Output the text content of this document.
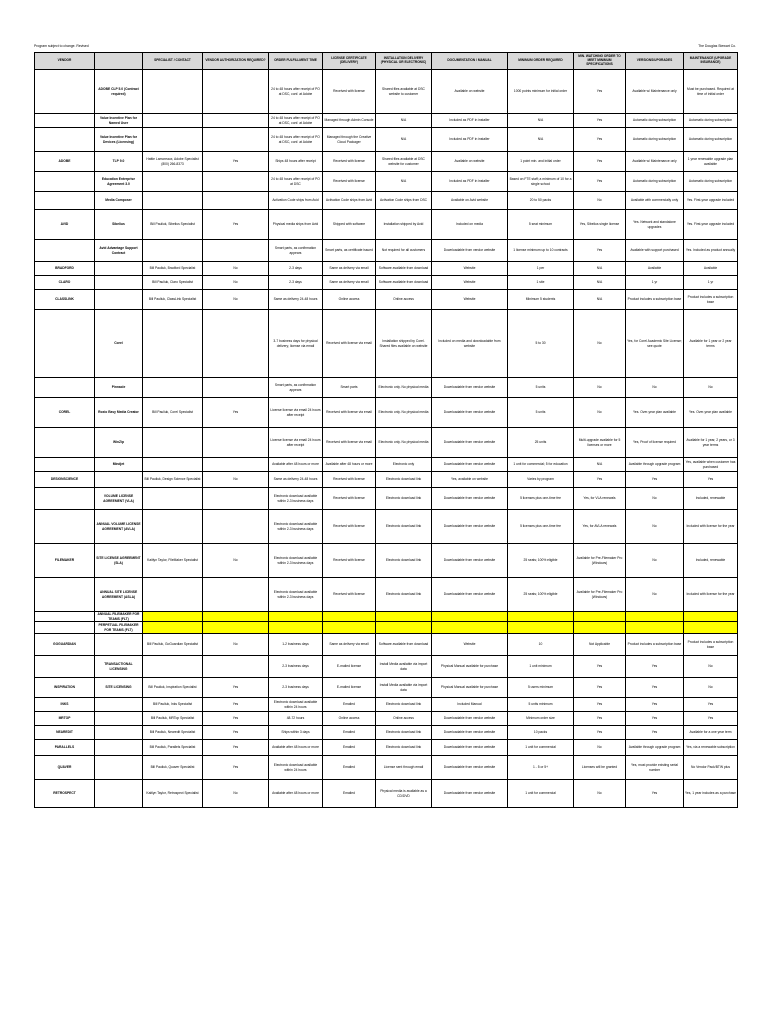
Program subject to change. Revised	The Douglas Stewart Co.
VENDOR		SPECIALIST / CONTACT	VENDOR AUTHORIZATION REQUIRED?	ORDER FULFILLMENT TIME	LICENSE CERTIFICATE (DELIVERY)	INSTALLATION DELIVERY (PHYSICAL OR ELECTRONIC)	DOCUMENTATION / MANUAL	MINIMUM ORDER REQUIRED	MIN. WATCHING ORDER TO MEET MINIMUM SPECIFICATIONS	VERSIONS/UPGRADES	MAINTENANCE (UPGRADE INSURANCE)
	ADOBE CLP 5.0 (Contract required)			24 to 48 hours after receipt of PO at DSC, conf. at Adobe	Received with license	Shared files available at DSC website to customer	Available on website	1000 points minimum for initial order	Yes	Available w/ Maintenance only	Must be purchased. Required at time of initial order
	Value Incentive Plan for Named User			24 to 48 hours after receipt of PO at DSC, conf. at Adobe	Managed through Admin Console	N/A	Included as PDF in installer	N/A	Yes	Automatic during subscription	Automatic during subscription
	Value Incentive Plan for Devices (Licensing)			24 to 48 hours after receipt of PO at DSC, conf. at Adobe	Managed through the Creative Cloud Packager	N/A	Included as PDF in installer	N/A	Yes	Automatic during subscription	Automatic during subscription
ADOBE	TLP 9.0	Hattie Lamoreaux, Adobe Specialist (800) 266-8373	Yes	Ships 48 hours after receipt	Received with license	Shared files available at DSC website for customer	Available on website	1 point min. and initial order	Yes	Available w/ Maintenance only	1 year renewable upgrade plan available
	Education Enterprise Agreement 3.0			24 to 48 hours after receipt of PO at DSC	Received with license	N/A	Included as PDF in installer	Based on FTE staff; a minimum of 10 for a single school	Yes	Automatic during subscription	Automatic during subscription
	Media Composer			Activation Code ships from Avid	Activation Code ships from Avid	Activation Code ships from DSC	Available on Avid website	20 to 50 packs	No	Available with commercially only	Yes. First-year upgrade included
AVID	Sibelius	Bill Pauliuk, Sibelius Specialist	Yes	Physical media ships from Avid	Shipped with software	Installation shipped by Avid	Included on media	5 seat minimum	Yes, Sibelius single license	Yes. Network and standalone upgrades	Yes. First-year upgrade included
	Avid Advantage Support Contract			Smart parts, as confirmation appears	Smart parts, as certificate issued	Not required for all customers	Downloadable from vendor website	1 license minimum up to 10 contracts	Yes	Available with support purchased	Yes. Included as product annually
BRADFORD		Bill Pauliuk, Bradford Specialist	No	2-3 days	Same as delivery via email	Software available from download	Website	1 per	N/A	Available	Available
CLARO		Bill Pauliuk, Claro Specialist	No	2-3 days	Same as delivery via email	Software available from download	Website	1 site	N/A	1 yr	1 yr
CLASSLINK		Bill Pauliuk, ClassLink Specialist	No	Same as delivery 24-48 hours	Online access	Online access	Website	Minimum 5 students	N/A	Product includes a subscription base	Product includes a subscription base
	Corel			3-7 business days for physical delivery; license via email	Received with license via email	Installation shipped by Corel. Shared files available on website	Included on media and downloadable from website	5 to 30	No	Yes, for Corel Academic Site License; see quote	Available for 1 year or 2 year terms
	Pinnacle			Smart parts, as confirmation appears	Smart parts	Electronic only. No physical media	Downloadable from vendor website	5 units	No	No	No
COREL	Roxio Easy Media Creator	Bill Pauliuk, Corel Specialist	Yes	License license via email 24 hours after receipt	Received with license via email	Electronic only. No physical media	Downloadable from vendor website	5 units	No	Yes. Over-year plan available	Yes. Over-year plan available
	WinZip			License license via email 24 hours after receipt	Received with license via email	Electronic only. No physical media	Downloadable from vendor website	25 units	Multi-upgrade available for 5 licenses or more	Yes, Proof of license required	Available for 1 year, 2 years, or 3 year terms
	Mindjet			Available after 48 hours or more	Available after 48 hours or more	Electronic only	Downloadable from vendor website	1 unit for commercial; 5 for education	N/A	Available through upgrade program	Yes, available when customer has purchased
DESIGNSCIENCE		Bill Pauliuk, Design Science Specialist	No	Same as delivery 24-48 hours	Received with license	Electronic download link	Yes, available on website	Varies by program	Yes	Yes	Yes
	VOLUME LICENSE AGREEMENT (VLA)			Electronic download available within 2-3 business days	Received with license	Electronic download link	Downloadable from vendor website	5 licenses plus one-time fee	Yes, for VLA renewals	No	Included, renewable
	ANNUAL VOLUME LICENSE AGREEMENT (AVLA)			Electronic download available within 2-3 business days	Received with license	Electronic download link	Downloadable from vendor website	5 licenses plus one-time fee	Yes, for AVLA renewals	No	Included with license for the year
FILEMAKER	SITE LICENSE AGREEMENT (SLA)	Kaitlyn Taylor, FileMaker Specialist	No	Electronic download available within 2-3 business days	Received with license	Electronic download link	Downloadable from vendor website	25 seats; 100% eligible	Available for Pre-Filemaker Pro (Windows)	No	Included, renewable
	ANNUAL SITE LICENSE AGREEMENT (ASLA)			Electronic download available within 2-3 business days	Received with license	Electronic download link	Downloadable from vendor website	25 seats; 100% eligible	Available for Pre-Filemaker Pro (Windows)	No	Included with license for the year
	ANNUAL FILEMAKER FOR TEAMS (FLT)										
	PERPETUAL FILEMAKER FOR TEAMS (FLT)										
GOGUARDIAN		Bill Pauliuk, GoGuardian Specialist	No	1-2 business days	Same as delivery via email	Software available from download	Website	10	Not Applicable	Product includes a subscription base	Product includes a subscription base
	TRANSACTIONAL LICENSING			2-3 business days	E-mailed license	Install Media available via import data	Physical Manual available for purchase	1 unit minimum	Yes	Yes	No
INSPIRATION	SITE LICENSING	Bill Pauliuk, Inspiration Specialist	Yes	2-3 business days	E-mailed license	Install Media available via import data	Physical Manual available for purchase	5 users minimum	Yes	Yes	No
INKS		Bill Pauliuk, Inks Specialist	Yes	Electronic download available within 24 hours	Emailed	Electronic download link	Included Manual	5 units minimum	Yes	Yes	Yes
MRTOP		Bill Pauliuk, MRTop Specialist	Yes	48-72 hours	Online access	Online access	Downloadable from vendor website	Minimum order size	Yes	Yes	Yes
NEAREDIT		Bill Pauliuk, Nearedit Specialist	Yes	Ships within 3 days	Emailed	Electronic download link	Downloadable from vendor website	10 packs	Yes	Yes	Available for a one year term
PARALLELS		Bill Pauliuk, Parallels Specialist	Yes	Available after 48 hours or more	Emailed	Electronic download link	Downloadable from vendor website	1 unit for commercial	No	Available through upgrade program	Yes, via a renewable subscription
QUAVER		Bill Pauliuk, Quaver Specialist	Yes	Electronic download available within 24 hours	Emailed	License sent through email	Downloadable from vendor website	1 - 5 or 5+	Licenses will be granted	Yes, must provide existing serial number	No Vendor Pack/BTW plus
RETROSPECT		Kaitlyn Taylor, Retrospect Specialist	No	Available after 48 hours or more	Emailed	Physical media is available as a CD/DVD	Downloadable from vendor website	1 unit for commercial	No	Yes	Yes, 1 year includes as a purchase
